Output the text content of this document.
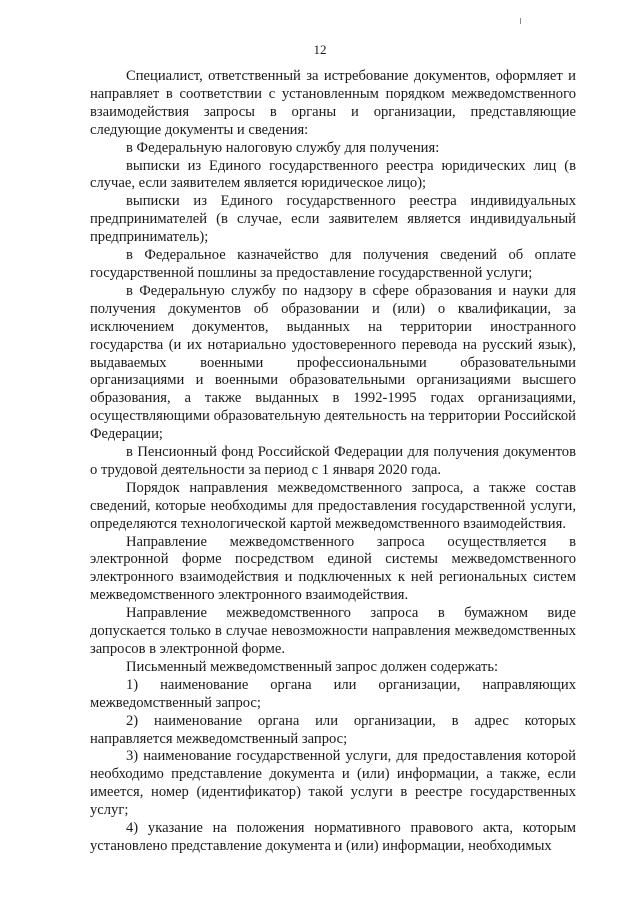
12

Специалист, ответственный за истребование документов, оформляет и направляет в соответствии с установленным порядком межведомственного взаимодействия запросы в органы и организации, представляющие следующие документы и сведения:

в Федеральную налоговую службу для получения:

выписки из Единого государственного реестра юридических лиц (в случае, если заявителем является юридическое лицо);

выписки из Единого государственного реестра индивидуальных предпринимателей (в случае, если заявителем является индивидуальный предприниматель);

в Федеральное казначейство для получения сведений об оплате государственной пошлины за предоставление государственной услуги;

в Федеральную службу по надзору в сфере образования и науки для получения документов об образовании и (или) о квалификации, за исключением документов, выданных на территории иностранного государства (и их нотариально удостоверенного перевода на русский язык), выдаваемых военными профессиональными образовательными организациями и военными образовательными организациями высшего образования, а также выданных в 1992-1995 годах организациями, осуществляющими образовательную деятельность на территории Российской Федерации;

в Пенсионный фонд Российской Федерации для получения документов о трудовой деятельности за период с 1 января 2020 года.

Порядок направления межведомственного запроса, а также состав сведений, которые необходимы для предоставления государственной услуги, определяются технологической картой межведомственного взаимодействия.

Направление межведомственного запроса осуществляется в электронной форме посредством единой системы межведомственного электронного взаимодействия и подключенных к ней региональных систем межведомственного электронного взаимодействия.

Направление межведомственного запроса в бумажном виде допускается только в случае невозможности направления межведомственных запросов в электронной форме.

Письменный межведомственный запрос должен содержать:

1) наименование органа или организации, направляющих межведомственный запрос;

2) наименование органа или организации, в адрес которых направляется межведомственный запрос;

3) наименование государственной услуги, для предоставления которой необходимо представление документа и (или) информации, а также, если имеется, номер (идентификатор) такой услуги в реестре государственных услуг;

4) указание на положения нормативного правового акта, которым установлено представление документа и (или) информации, необходимых
